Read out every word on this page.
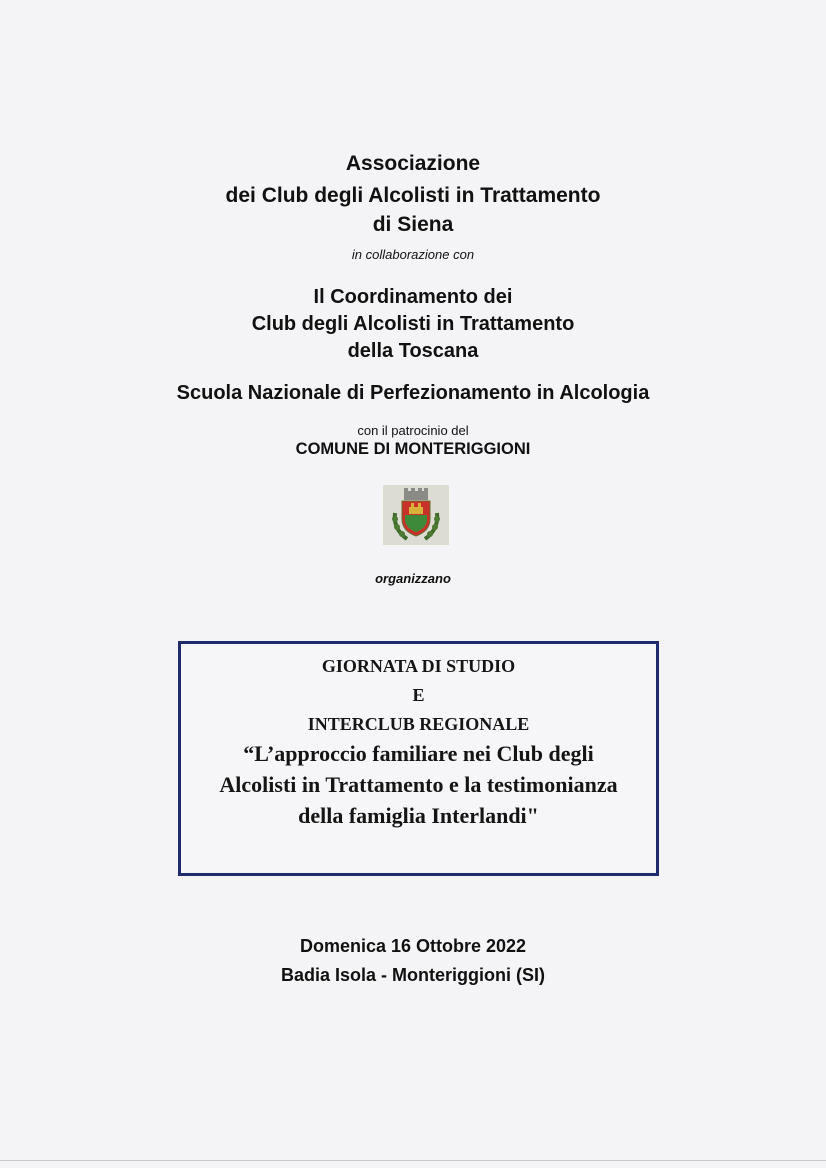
Associazione
dei Club degli Alcolisti in Trattamento
di Siena
in collaborazione con
Il Coordinamento dei
Club degli Alcolisti in Trattamento
della Toscana
Scuola Nazionale di Perfezionamento in Alcologia
con il patrocinio del
COMUNE DI MONTERIGGIONI
organizzano
GIORNATA DI STUDIO
E
INTERCLUB REGIONALE
“L’approccio familiare nei Club degli
Alcolisti in Trattamento e la testimonianza
della famiglia Interlandi"
Domenica 16 Ottobre 2022
Badia Isola - Monteriggioni (SI)
